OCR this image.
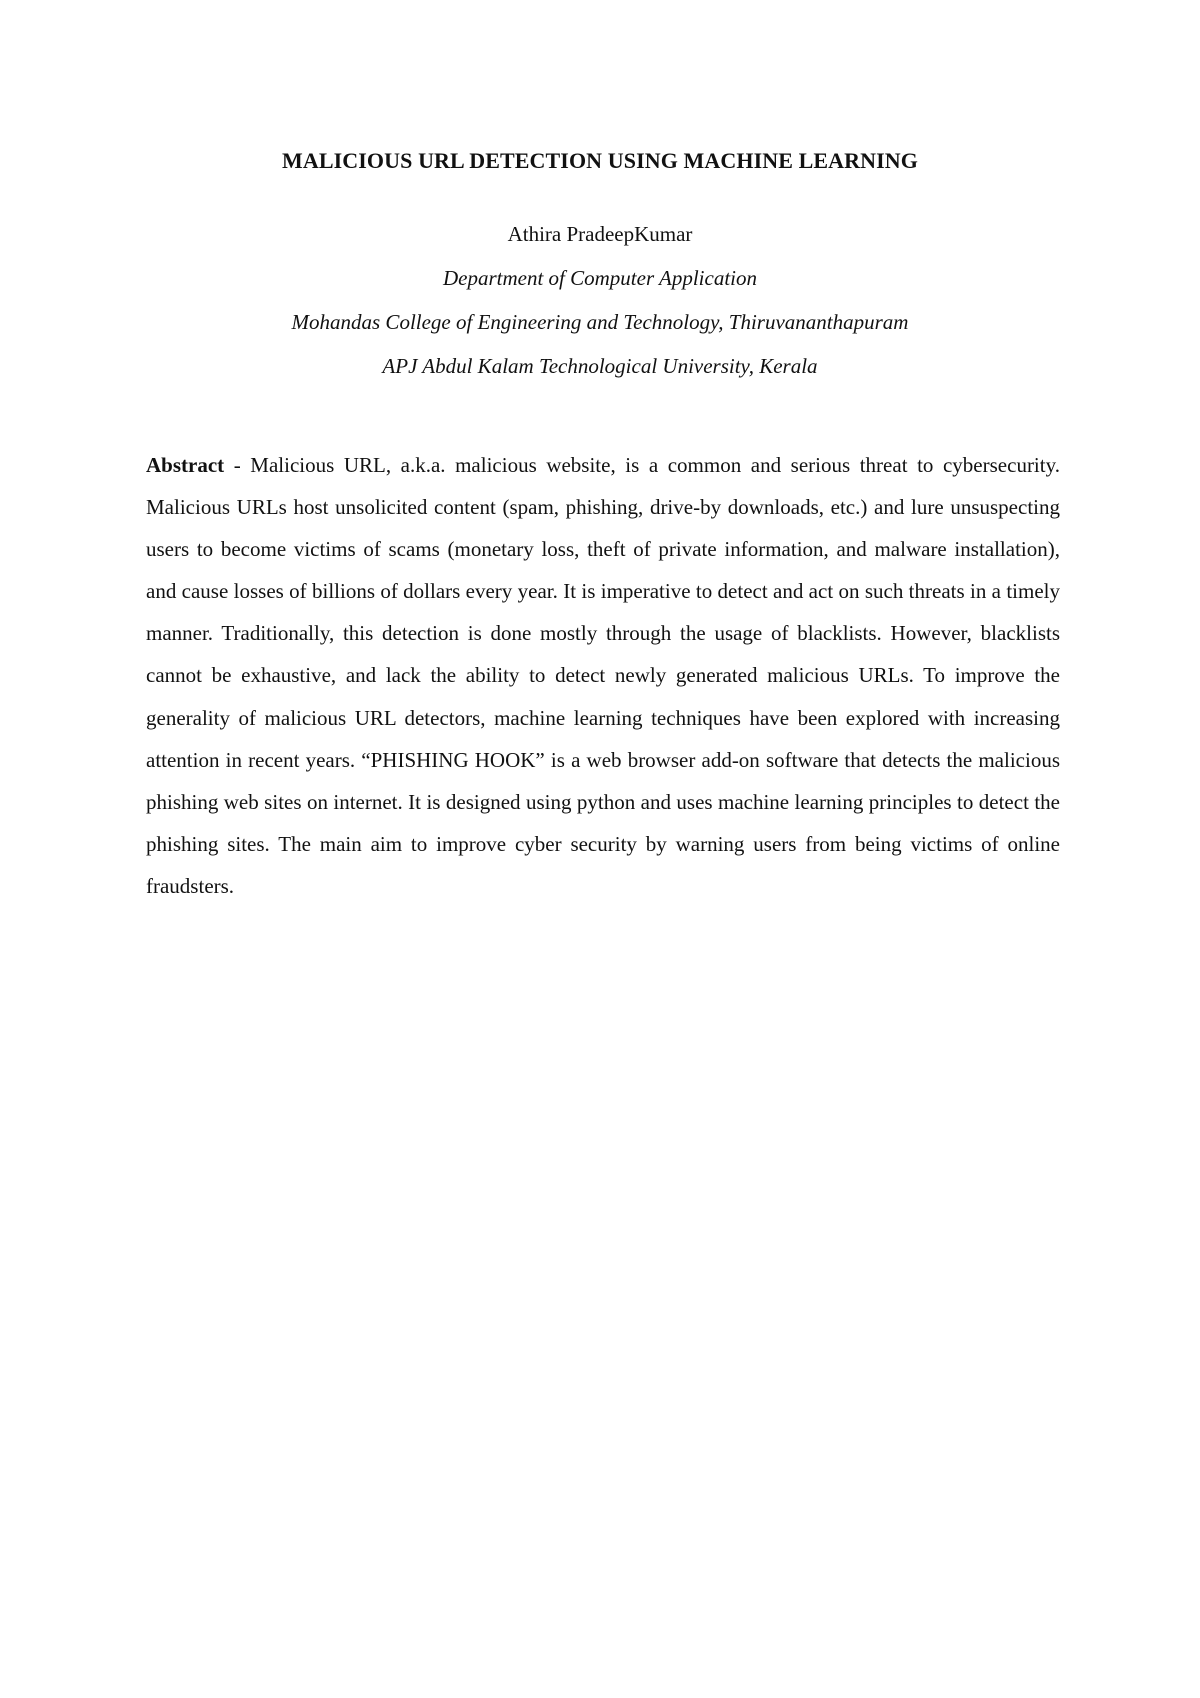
MALICIOUS URL DETECTION USING MACHINE LEARNING
Athira PradeepKumar
Department of Computer Application
Mohandas College of Engineering and Technology, Thiruvananthapuram
APJ Abdul Kalam Technological University, Kerala
Abstract - Malicious URL, a.k.a. malicious website, is a common and serious threat to cybersecurity. Malicious URLs host unsolicited content (spam, phishing, drive-by downloads, etc.) and lure unsuspecting users to become victims of scams (monetary loss, theft of private information, and malware installation), and cause losses of billions of dollars every year. It is imperative to detect and act on such threats in a timely manner. Traditionally, this detection is done mostly through the usage of blacklists. However, blacklists cannot be exhaustive, and lack the ability to detect newly generated malicious URLs. To improve the generality of malicious URL detectors, machine learning techniques have been explored with increasing attention in recent years. “PHISHING HOOK” is a web browser add-on software that detects the malicious phishing web sites on internet. It is designed using python and uses machine learning principles to detect the phishing sites. The main aim to improve cyber security by warning users from being victims of online fraudsters.
